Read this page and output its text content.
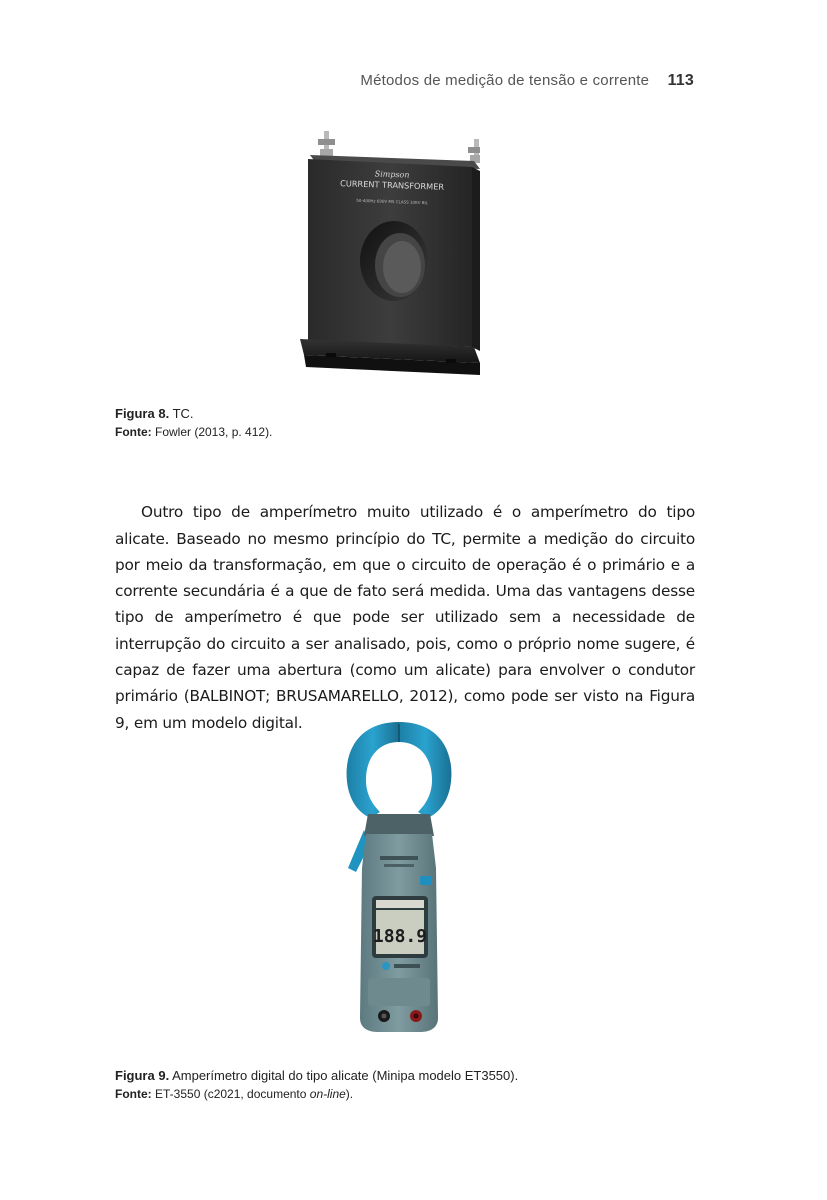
Métodos de medição de tensão e corrente 113
Simpson
CURRENT TRANSFORMER
50-400Hz 600V MS CLASS 10KV BIL
Figura 8. TC.
Fonte: Fowler (2013, p. 412).

Outro tipo de amperímetro muito utilizado é o amperímetro do tipo alicate. Baseado no mesmo princípio do TC, permite a medição do circuito por meio da transformação, em que o circuito de operação é o primário e a corrente secundária é a que de fato será medida. Uma das vantagens desse tipo de amperímetro é que pode ser utilizado sem a necessidade de interrupção do circuito a ser analisado, pois, como o próprio nome sugere, é capaz de fazer uma abertura (como um alicate) para envolver o condutor primário (BALBINOT; BRUSAMARELLO, 2012), como pode ser visto na Figura 9, em um modelo digital.

188.9
Figura 9. Amperímetro digital do tipo alicate (Minipa modelo ET3550).
Fonte: ET-3550 (c2021, documento on-line).
